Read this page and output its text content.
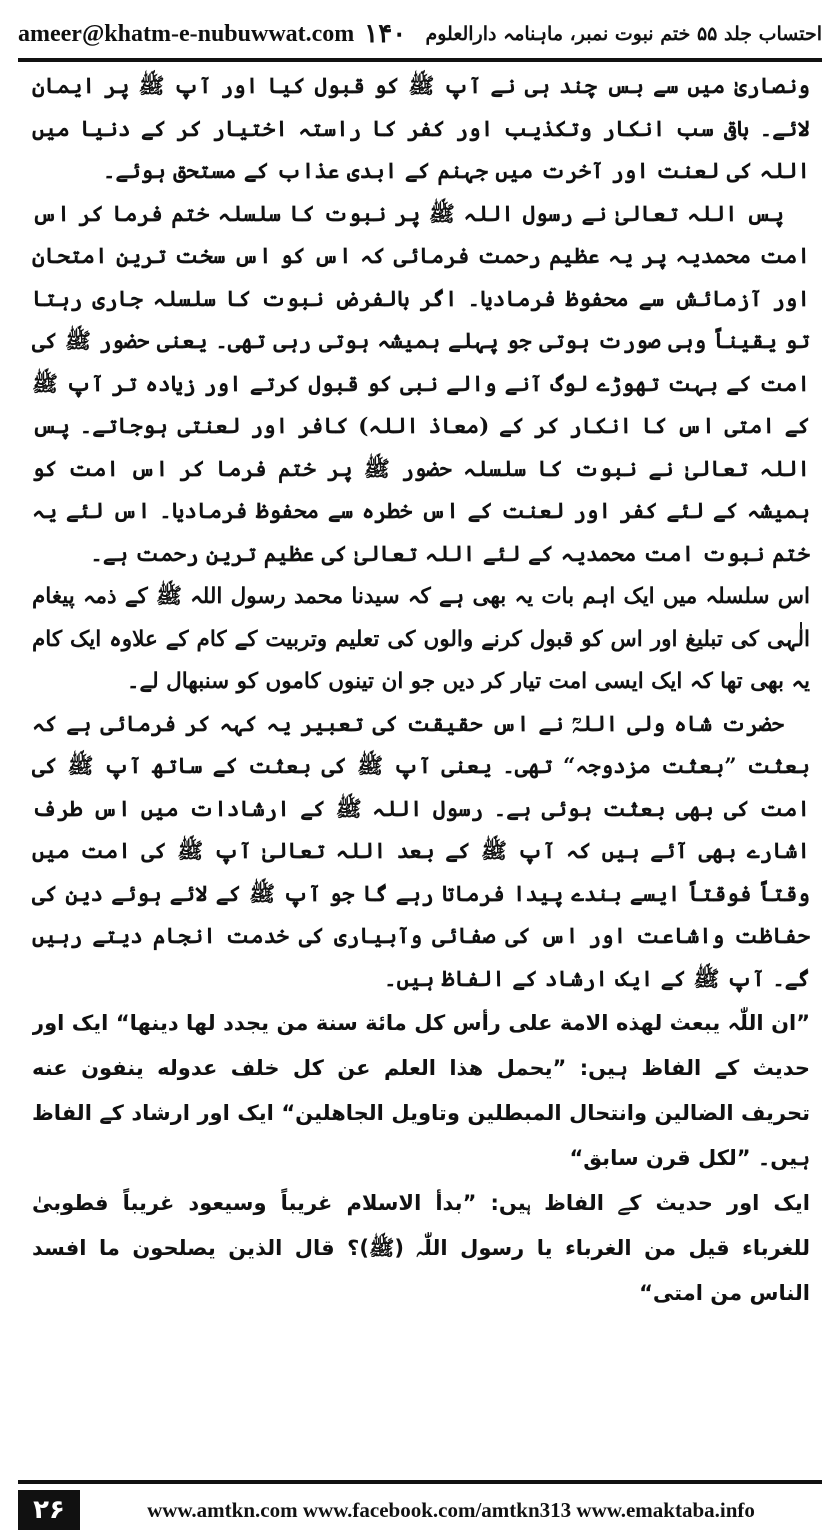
ameer@khatm-e-nubuwwat.com ۱۴۰	احتساب جلد ۵۵ ختم نبوت نمبر، ماہنامہ دارالعلوم

ونصاریٰ میں سے بس چند ہی نے آپ ﷺ کو قبول کیا اور آپ ﷺ پر ایمان لائے۔ باقی سب انکار وتکذیب اور کفر کا راستہ اختیار کر کے دنیا میں اللہ کی لعنت اور آخرت میں جہنم کے ابدی عذاب کے مستحق ہوئے۔

پس اللہ تعالیٰ نے رسول اللہ ﷺ پر نبوت کا سلسلہ ختم فرما کر اس امت محمدیہ پر یہ عظیم رحمت فرمائی کہ اس کو اس سخت ترین امتحان اور آزمائش سے محفوظ فرمادیا۔ اگر بالفرض نبوت کا سلسلہ جاری رہتا تو یقیناً وہی صورت ہوتی جو پہلے ہمیشہ ہوتی رہی تھی۔ یعنی حضور ﷺ کی امت کے بہت تھوڑے لوگ آنے والے نبی کو قبول کرتے اور زیادہ تر آپ ﷺ کے امتی اس کا انکار کر کے (معاذ اللہ) کافر اور لعنتی ہوجاتے۔ پس اللہ تعالیٰ نے نبوت کا سلسلہ حضور ﷺ پر ختم فرما کر اس امت کو ہمیشہ کے لئے کفر اور لعنت کے اس خطرہ سے محفوظ فرمادیا۔ اس لئے یہ ختم نبوت امت محمدیہ کے لئے اللہ تعالیٰ کی عظیم ترین رحمت ہے۔

اس سلسلہ میں ایک اہم بات یہ بھی ہے کہ سیدنا محمد رسول اللہ ﷺ کے ذمہ پیغام الٰہی کی تبلیغ اور اس کو قبول کرنے والوں کی تعلیم وتربیت کے کام کے علاوہ ایک کام یہ بھی تھا کہ ایک ایسی امت تیار کر دیں جو ان تینوں کاموں کو سنبھال لے۔

حضرت شاہ ولی اللہؒ نے اس حقیقت کی تعبیر یہ کہہ کر فرمائی ہے کہ بعثت ”بعثت مزدوجہ“ تھی۔ یعنی آپ ﷺ کی بعثت کے ساتھ آپ ﷺ کی امت کی بھی بعثت ہوئی ہے۔ رسول اللہ ﷺ کے ارشادات میں اس طرف اشارے بھی آئے ہیں کہ آپ ﷺ کے بعد اللہ تعالیٰ آپ ﷺ کی امت میں وقتاً فوقتاً ایسے بندے پیدا فرماتا رہے گا جو آپ ﷺ کے لائے ہوئے دین کی حفاظت واشاعت اور اس کی صفائی وآبیاری کی خدمت انجام دیتے رہیں گے۔ آپ ﷺ کے ایک ارشاد کے الفاظ ہیں۔

”ان اللّٰہ یبعث لهذه الامة علی رأس کل مائة سنة من یجدد لها دینها“ ایک اور حدیث کے الفاظ ہیں: ”یحمل هذا العلم عن کل خلف عدوله ینفون عنه تحریف الضالین وانتحال المبطلین وتاویل الجاهلین“ ایک اور ارشاد کے الفاظ ہیں۔ ”لکل قرن سابق“

ایک اور حدیث کے الفاظ ہیں: ”بدأ الاسلام غریباً وسیعود غریباً فطوبیٰ للغرباء قیل من الغرباء یا رسول اللّٰہ (ﷺ)؟ قال الذین یصلحون ما افسد الناس من امتی“

۲۶	www.amtkn.com www.facebook.com/amtkn313 www.emaktaba.info
